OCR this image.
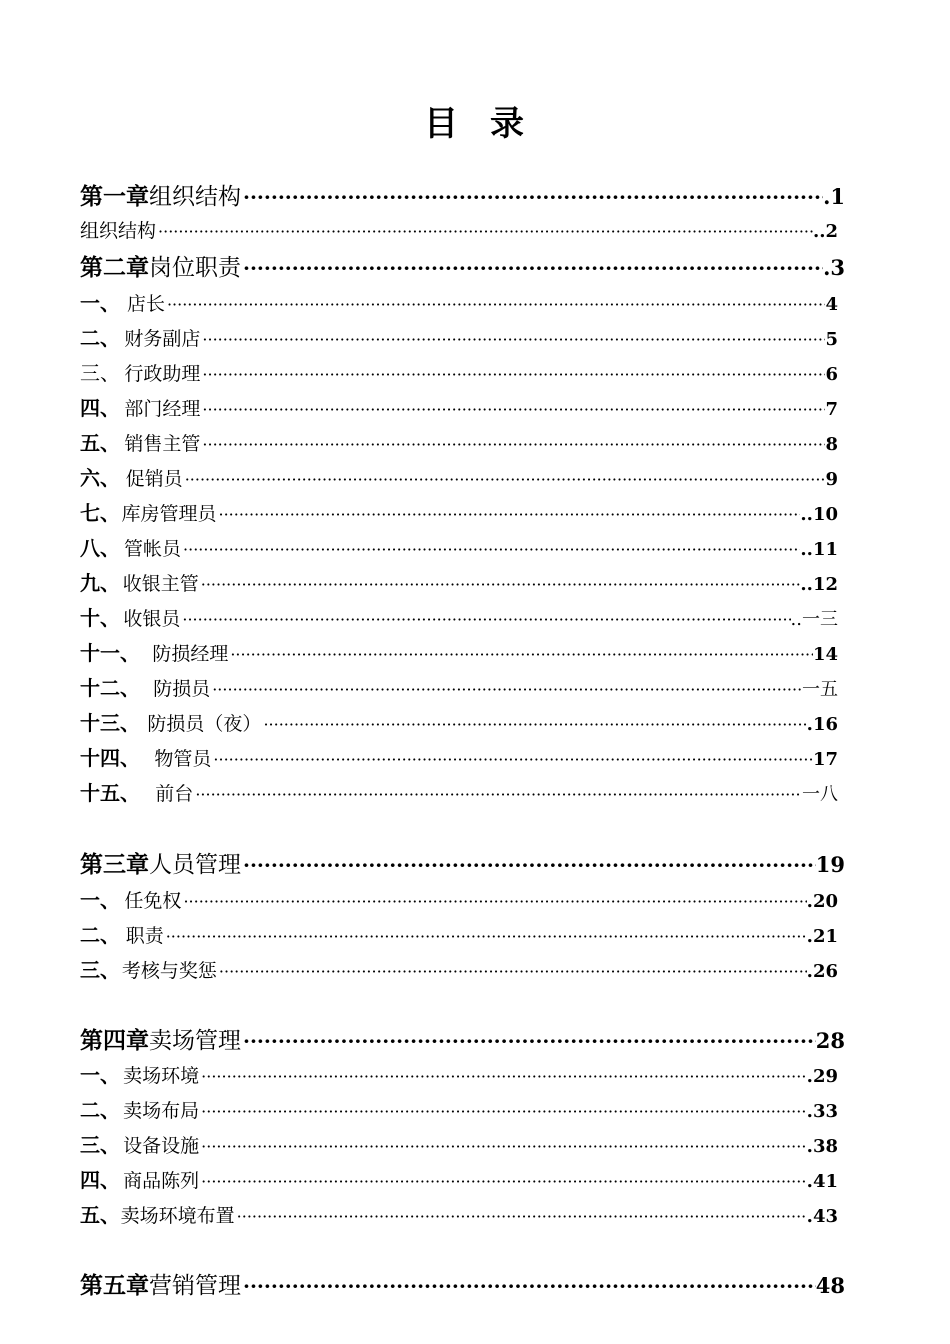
目 录
第一章 组织结构 ·····	.1
组织结构 ·····	..2
第二章 岗位职责 ·····	.3
一、 店长 ·····	4
二、 财务副店 ·····	5
三、 行政助理 ·····	6
四、 部门经理 ·····	7
五、 销售主管 ·····	8
六、 促销员 ·····	9
七、 库房管理员 ·····	..10
八、 管帐员 ·····	..11
九、 收银主管 ·····	..12
十、 收银员 ·····	..一三
十一、 防损经理 ·····	14
十二、 防损员 ·····	一五
十三、 防损员（夜） ·····	.16
十四、 物管员 ·····	17
十五、 前台 ·····	一八
第三章 人员管理 ·····	19
一、 任免权 ·····	.20
二、 职责 ·····	.21
三、 考核与奖惩 ·····	.26
第四章 卖场管理 ·····	28
一、 卖场环境 ·····	.29
二、 卖场布局 ·····	.33
三、 设备设施 ·····	.38
四、 商品陈列 ·····	.41
五、 卖场环境布置 ·····	.43
第五章 营销管理 ·····	48
